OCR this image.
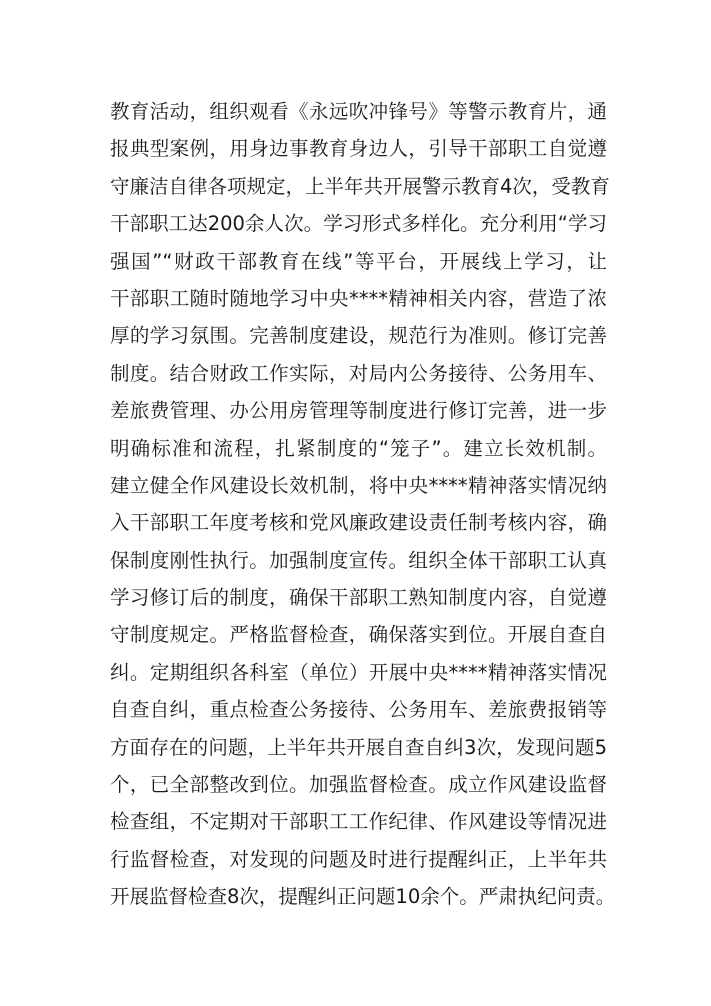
教育活动，组织观看《永远吹冲锋号》等警示教育片，通
报典型案例，用身边事教育身边人，引导干部职工自觉遵
守廉洁自律各项规定，上半年共开展警示教育4次，受教育
干部职工达200余人次。学习形式多样化。充分利用“学习
强国”“财政干部教育在线”等平台，开展线上学习，让
干部职工随时随地学习中央****精神相关内容，营造了浓
厚的学习氛围。完善制度建设，规范行为准则。修订完善
制度。结合财政工作实际，对局内公务接待、公务用车、
差旅费管理、办公用房管理等制度进行修订完善，进一步
明确标准和流程，扎紧制度的“笼子”。建立长效机制。
建立健全作风建设长效机制，将中央****精神落实情况纳
入干部职工年度考核和党风廉政建设责任制考核内容，确
保制度刚性执行。加强制度宣传。组织全体干部职工认真
学习修订后的制度，确保干部职工熟知制度内容，自觉遵
守制度规定。严格监督检查，确保落实到位。开展自查自
纠。定期组织各科室（单位）开展中央****精神落实情况
自查自纠，重点检查公务接待、公务用车、差旅费报销等
方面存在的问题，上半年共开展自查自纠3次，发现问题5
个，已全部整改到位。加强监督检查。成立作风建设监督
检查组，不定期对干部职工工作纪律、作风建设等情况进
行监督检查，对发现的问题及时进行提醒纠正，上半年共
开展监督检查8次，提醒纠正问题10余个。严肃执纪问责。
